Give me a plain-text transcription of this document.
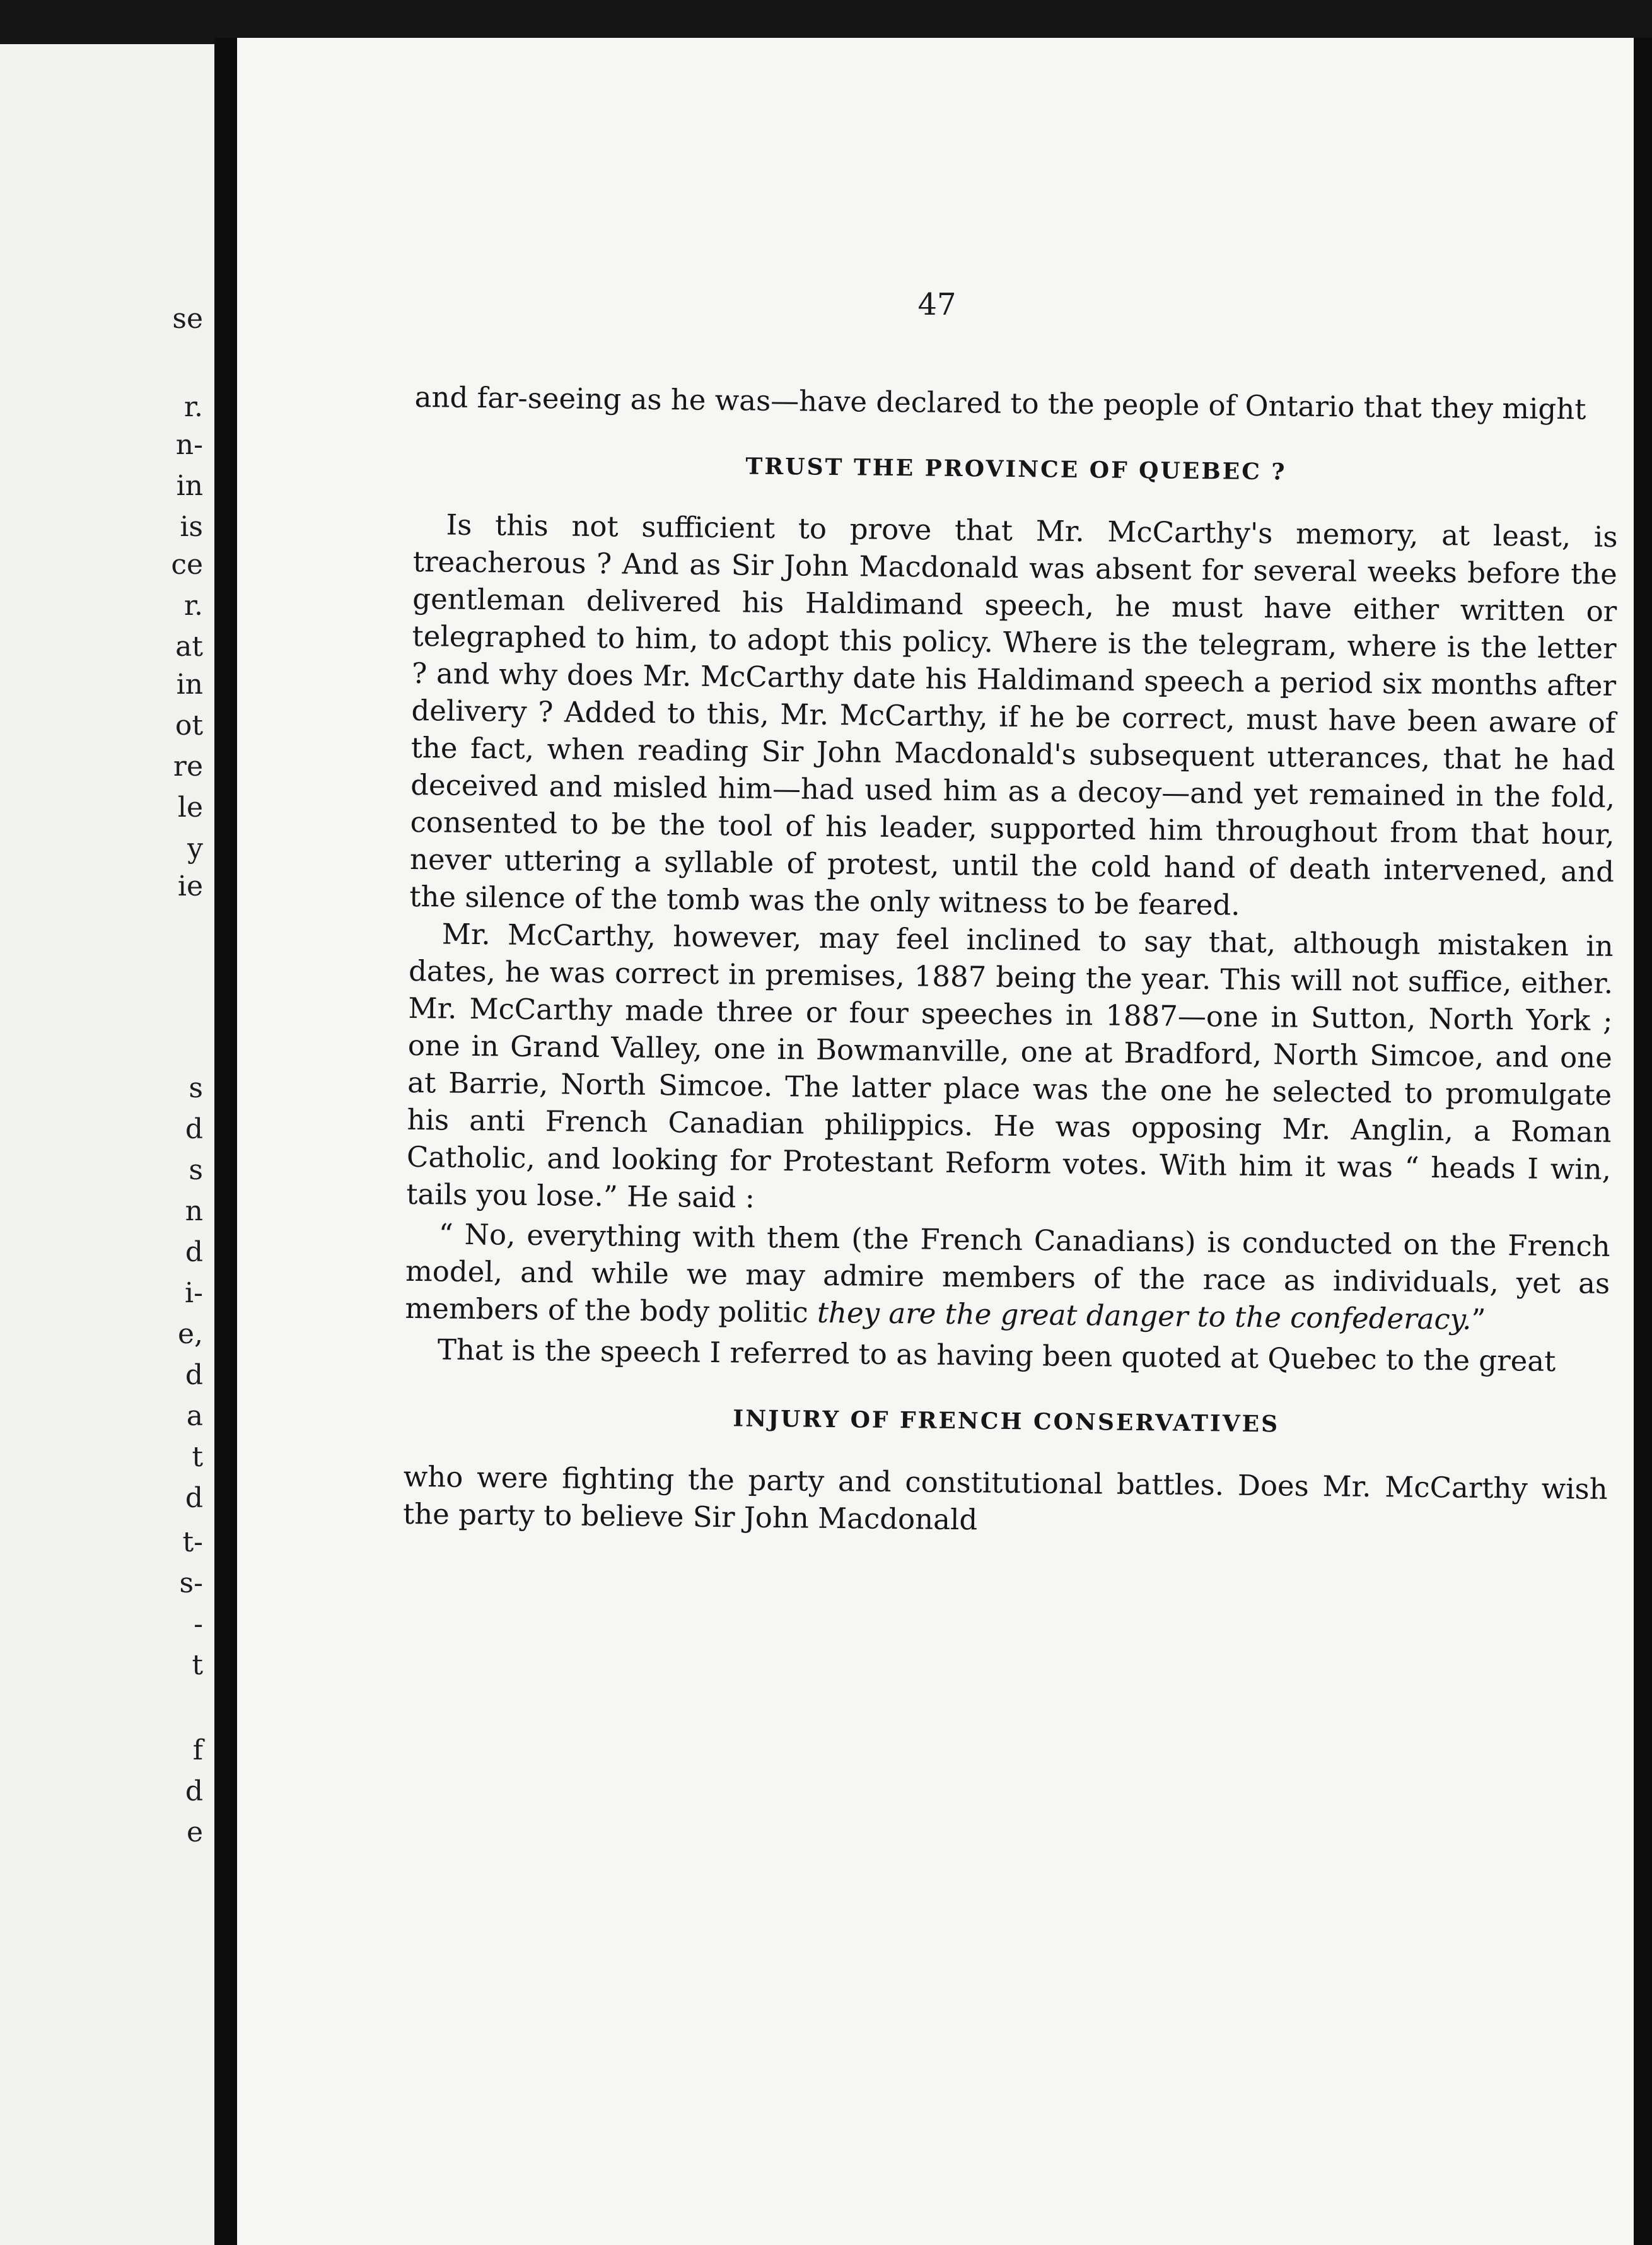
se
r.
n-
in
is
ce
r.
at
in
ot
re
le
y
ie
s
d
s
n
d
i-
e,
d
a
t
d
t-
s-
-
t
f
d
e
47

and far-seeing as he was—have declared to the people of Ontario that they might

TRUST THE PROVINCE OF QUEBEC ?

Is this not sufficient to prove that Mr. McCarthy's memory, at least, is treacherous ? And as Sir John Macdonald was absent for several weeks before the gentleman delivered his Haldimand speech, he must have either written or telegraphed to him, to adopt this policy. Where is the telegram, where is the letter ? and why does Mr. McCarthy date his Haldimand speech a period six months after delivery ? Added to this, Mr. McCarthy, if he be correct, must have been aware of the fact, when reading Sir John Macdonald's subsequent utterances, that he had deceived and misled him—had used him as a decoy—and yet remained in the fold, consented to be the tool of his leader, supported him throughout from that hour, never uttering a syllable of protest, until the cold hand of death intervened, and the silence of the tomb was the only witness to be feared.

Mr. McCarthy, however, may feel inclined to say that, although mistaken in dates, he was correct in premises, 1887 being the year. This will not suffice, either. Mr. McCarthy made three or four speeches in 1887—one in Sutton, North York ; one in Grand Valley, one in Bowmanville, one at Bradford, North Simcoe, and one at Barrie, North Simcoe. The latter place was the one he selected to promulgate his anti French Canadian philippics. He was opposing Mr. Anglin, a Roman Catholic, and looking for Protestant Reform votes. With him it was “ heads I win, tails you lose.” He said :

“ No, everything with them (the French Canadians) is conducted on the French model, and while we may admire members of the race as individuals, yet as members of the body politic they are the great danger to the confederacy.”

That is the speech I referred to as having been quoted at Quebec to the great

INJURY OF FRENCH CONSERVATIVES

who were fighting the party and constitutional battles. Does Mr. McCarthy wish the party to believe Sir John Macdonald
